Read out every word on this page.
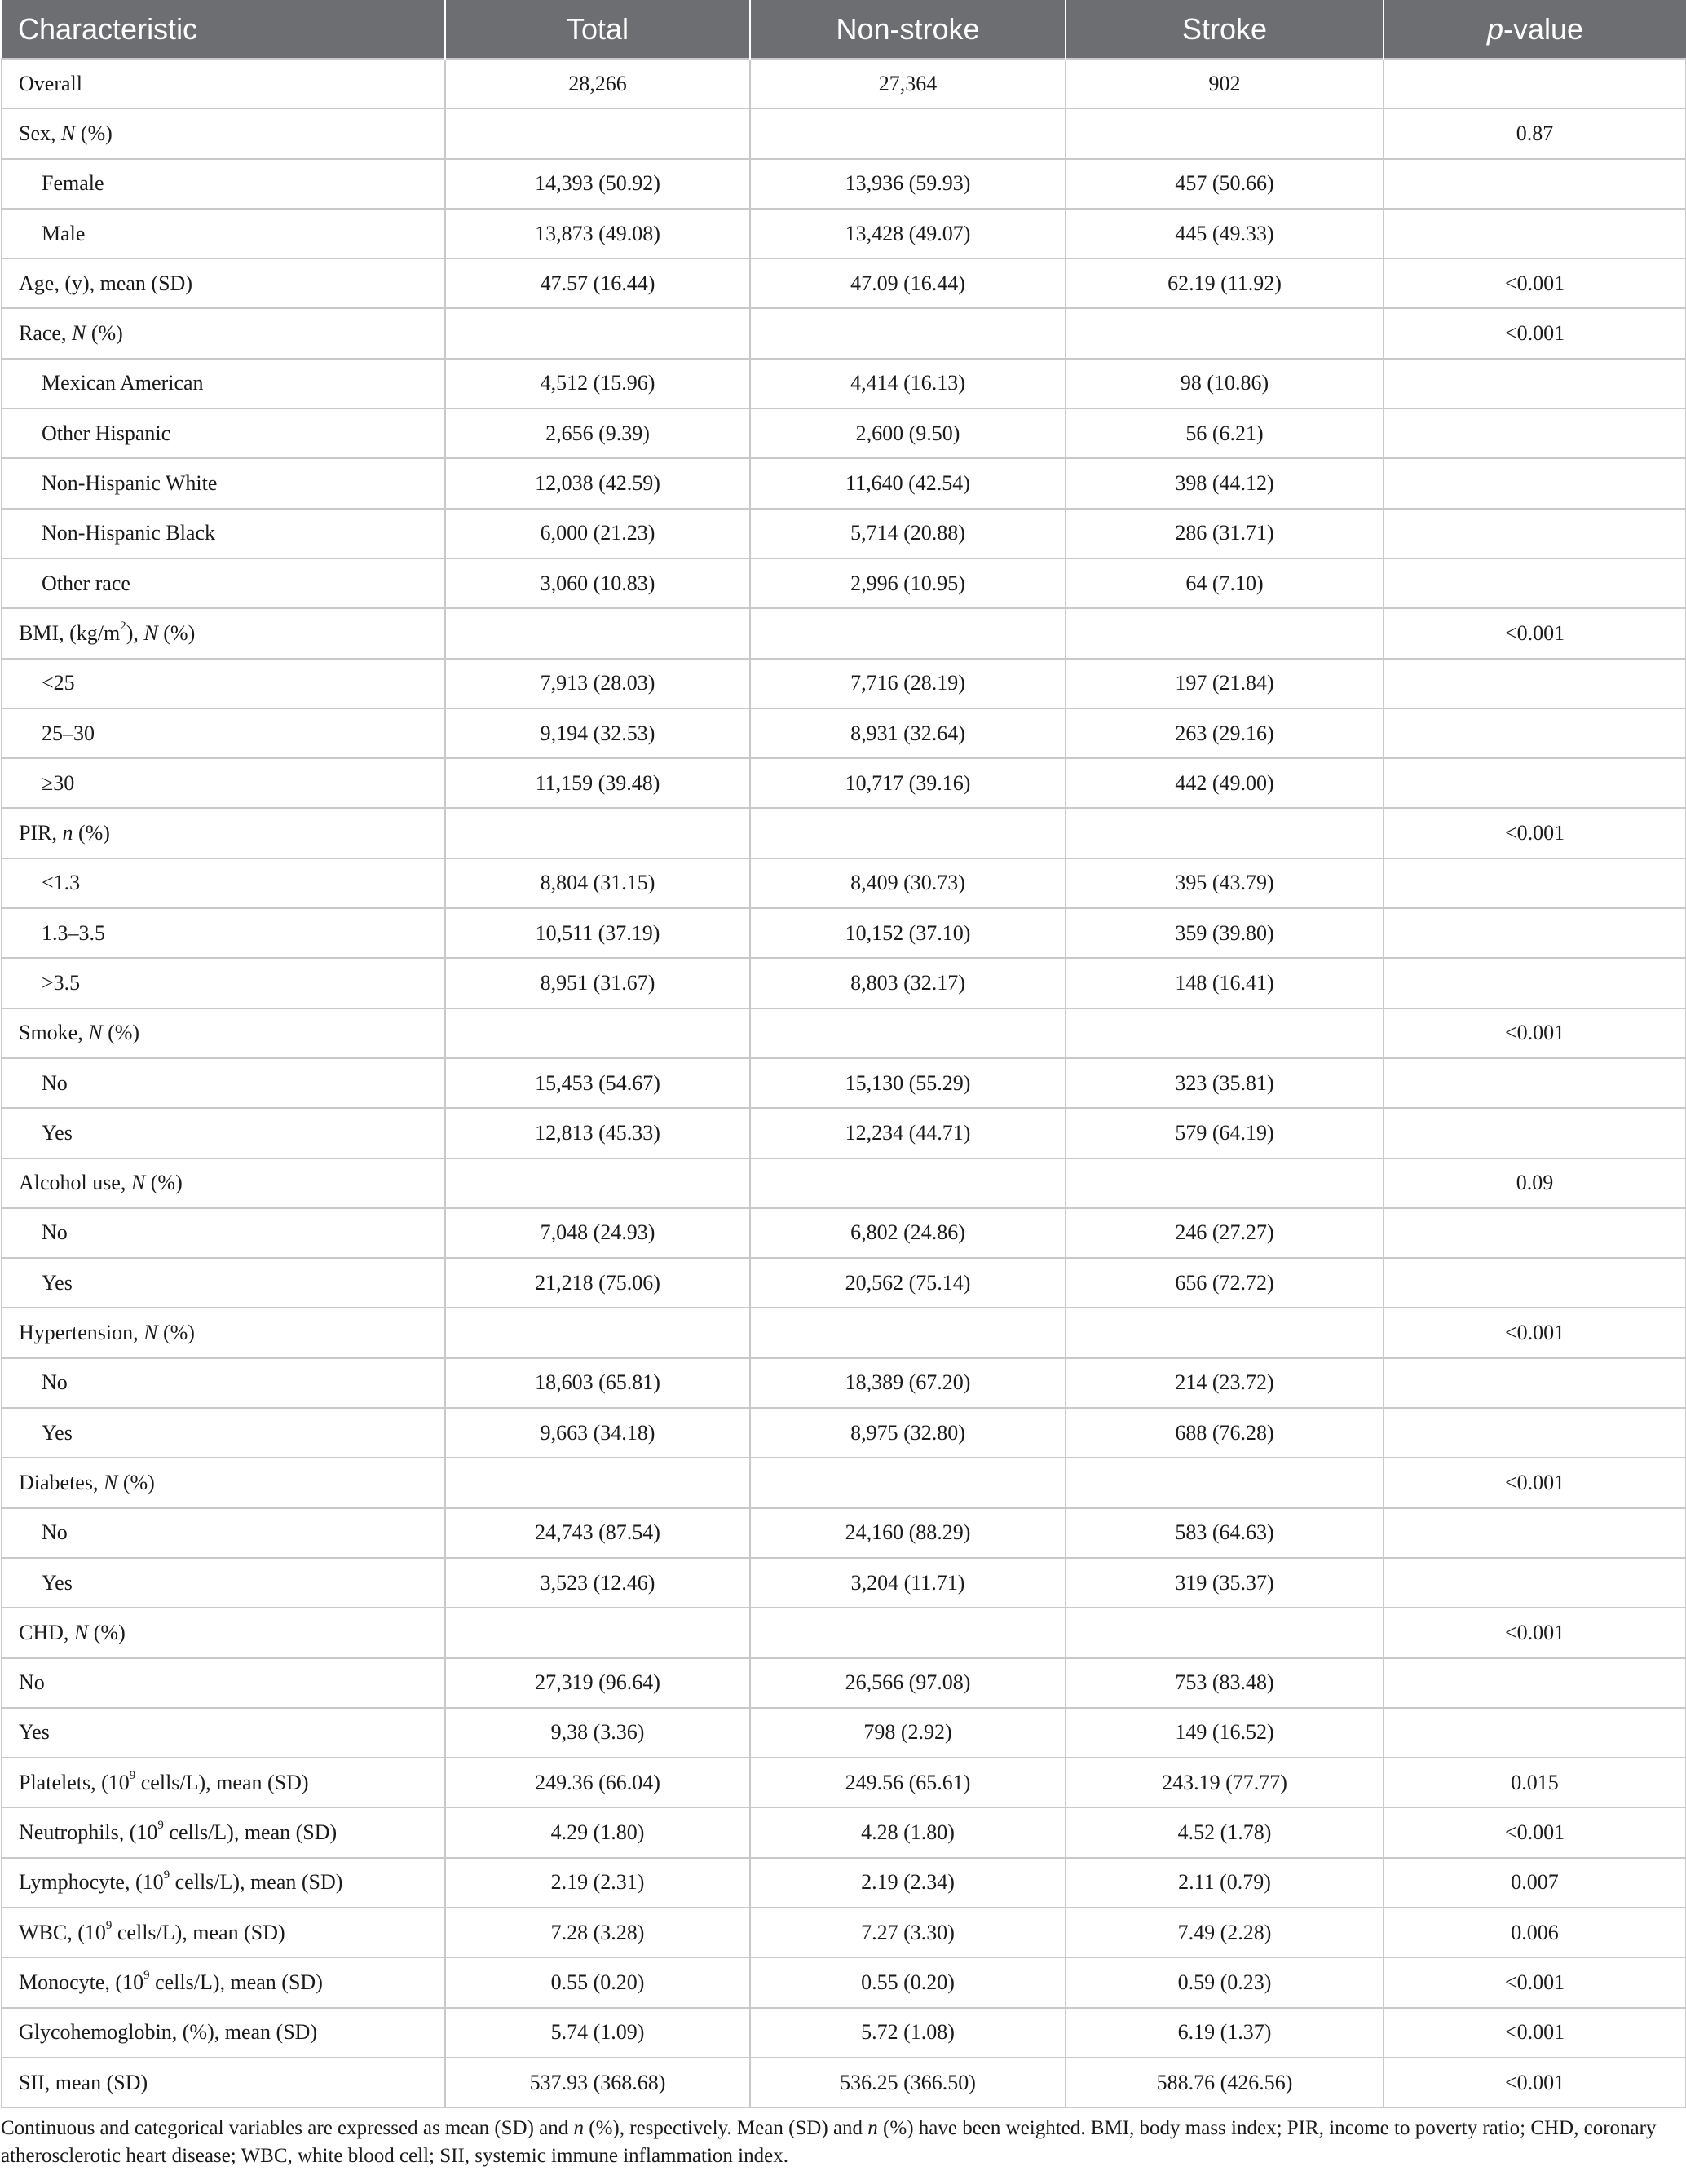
Characteristic	Total	Non-stroke	Stroke	p-value
Overall	28,266	27,364	902	
Sex, N (%)				0.87
Female	14,393 (50.92)	13,936 (59.93)	457 (50.66)	
Male	13,873 (49.08)	13,428 (49.07)	445 (49.33)	
Age, (y), mean (SD)	47.57 (16.44)	47.09 (16.44)	62.19 (11.92)	<0.001
Race, N (%)				<0.001
Mexican American	4,512 (15.96)	4,414 (16.13)	98 (10.86)	
Other Hispanic	2,656 (9.39)	2,600 (9.50)	56 (6.21)	
Non-Hispanic White	12,038 (42.59)	11,640 (42.54)	398 (44.12)	
Non-Hispanic Black	6,000 (21.23)	5,714 (20.88)	286 (31.71)	
Other race	3,060 (10.83)	2,996 (10.95)	64 (7.10)	
BMI, $(kg/m^2)$, N (%)				<0.001
<25	7,913 (28.03)	7,716 (28.19)	197 (21.84)	
25–30	9,194 (32.53)	8,931 (32.64)	263 (29.16)	
≥30	11,159 (39.48)	10,717 (39.16)	442 (49.00)	
PIR, n (%)				<0.001
<1.3	8,804 (31.15)	8,409 (30.73)	395 (43.79)	
1.3–3.5	10,511 (37.19)	10,152 (37.10)	359 (39.80)	
>3.5	8,951 (31.67)	8,803 (32.17)	148 (16.41)	
Smoke, N (%)				<0.001
No	15,453 (54.67)	15,130 (55.29)	323 (35.81)	
Yes	12,813 (45.33)	12,234 (44.71)	579 (64.19)	
Alcohol use, N (%)				0.09
No	7,048 (24.93)	6,802 (24.86)	246 (27.27)	
Yes	21,218 (75.06)	20,562 (75.14)	656 (72.72)	
Hypertension, N (%)				<0.001
No	18,603 (65.81)	18,389 (67.20)	214 (23.72)	
Yes	9,663 (34.18)	8,975 (32.80)	688 (76.28)	
Diabetes, N (%)				<0.001
No	24,743 (87.54)	24,160 (88.29)	583 (64.63)	
Yes	3,523 (12.46)	3,204 (11.71)	319 (35.37)	
CHD, N (%)				<0.001
No	27,319 (96.64)	26,566 (97.08)	753 (83.48)	
Yes	9,38 (3.36)	798 (2.92)	149 (16.52)	
Platelets, ($10^9$ cells/L), mean (SD)	249.36 (66.04)	249.56 (65.61)	243.19 (77.77)	0.015
Neutrophils, ($10^9$ cells/L), mean (SD)	4.29 (1.80)	4.28 (1.80)	4.52 (1.78)	<0.001
Lymphocyte, ($10^9$ cells/L), mean (SD)	2.19 (2.31)	2.19 (2.34)	2.11 (0.79)	0.007
WBC, ($10^9$ cells/L), mean (SD)	7.28 (3.28)	7.27 (3.30)	7.49 (2.28)	0.006
Monocyte, ($10^9$ cells/L), mean (SD)	0.55 (0.20)	0.55 (0.20)	0.59 (0.23)	<0.001
Glycohemoglobin, (%), mean (SD)	5.74 (1.09)	5.72 (1.08)	6.19 (1.37)	<0.001
SII, mean (SD)	537.93 (368.68)	536.25 (366.50)	588.76 (426.56)	<0.001

Continuous and categorical variables are expressed as mean (SD) and n (%), respectively. Mean (SD) and n (%) have been weighted. BMI, body mass index; PIR, income to poverty ratio; CHD, coronary atherosclerotic heart disease; WBC, white blood cell; SII, systemic immune inflammation index.
